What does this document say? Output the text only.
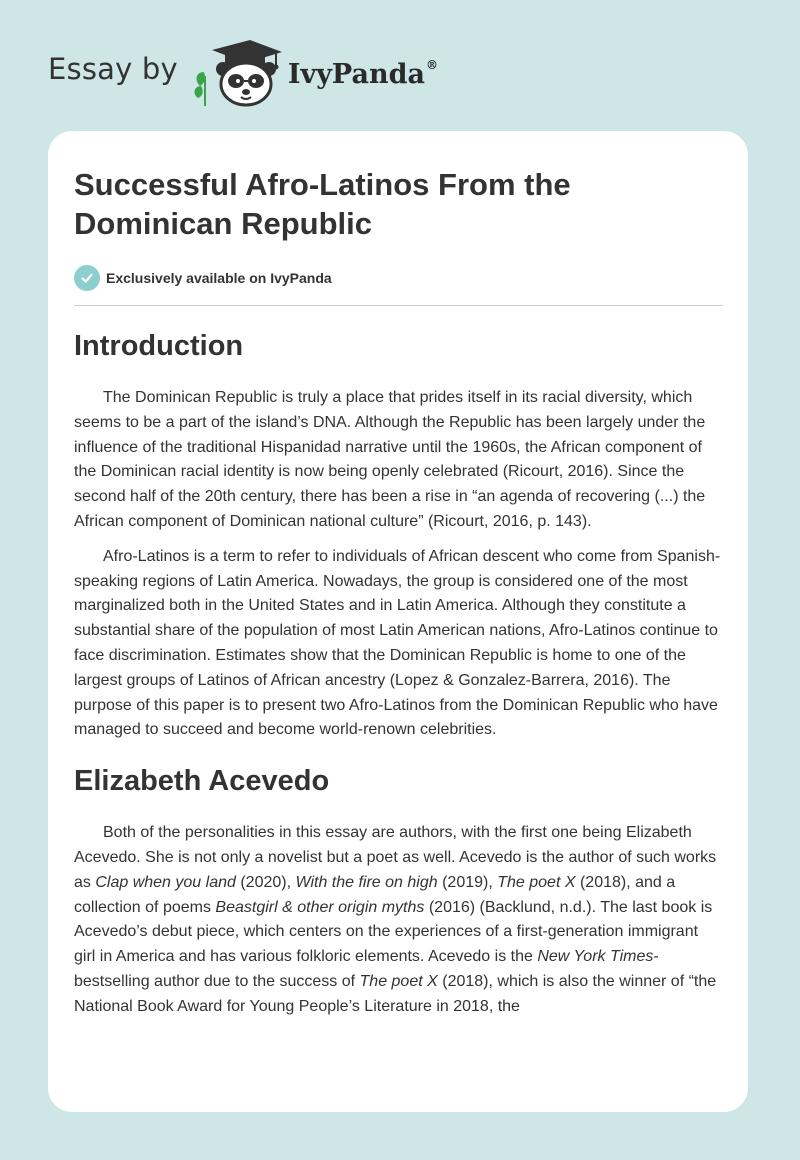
Essay by	IvyPanda®
Successful Afro-Latinos From the Dominican Republic
Exclusively available on IvyPanda
Introduction

The Dominican Republic is truly a place that prides itself in its racial diversity, which seems to be a part of the island’s DNA. Although the Republic has been largely under the influence of the traditional Hispanidad narrative until the 1960s, the African component of the Dominican racial identity is now being openly celebrated (Ricourt, 2016). Since the second half of the 20th century, there has been a rise in “an agenda of recovering (...) the African component of Dominican national culture” (Ricourt, 2016, p. 143).

Afro-Latinos is a term to refer to individuals of African descent who come from Spanish-speaking regions of Latin America. Nowadays, the group is considered one of the most marginalized both in the United States and in Latin America. Although they constitute a substantial share of the population of most Latin American nations, Afro-Latinos continue to face discrimination. Estimates show that the Dominican Republic is home to one of the largest groups of Latinos of African ancestry (Lopez & Gonzalez-Barrera, 2016). The purpose of this paper is to present two Afro-Latinos from the Dominican Republic who have managed to succeed and become world-renown celebrities.

Elizabeth Acevedo

Both of the personalities in this essay are authors, with the first one being Elizabeth Acevedo. She is not only a novelist but a poet as well. Acevedo is the author of such works as Clap when you land (2020), With the fire on high (2019), The poet X (2018), and a collection of poems Beastgirl & other origin myths (2016) (Backlund, n.d.). The last book is Acevedo’s debut piece, which centers on the experiences of a first-generation immigrant girl in America and has various folkloric elements. Acevedo is the New York Times-bestselling author due to the success of The poet X (2018), which is also the winner of “the National Book Award for Young People’s Literature in 2018, the
